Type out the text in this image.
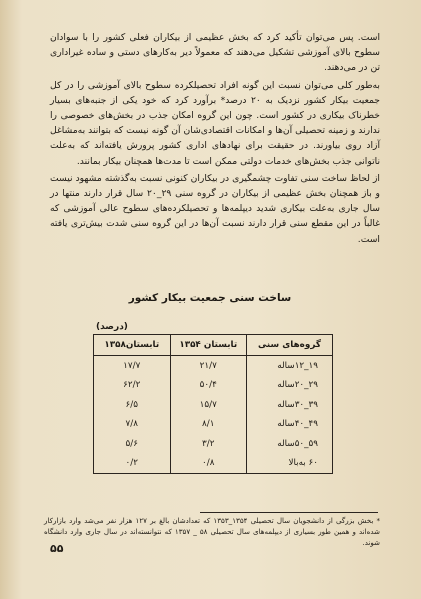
است. پس می‌توان تأکید کرد که بخش عظیمی از بیکاران فعلی کشور را با سوادان سطوح بالای آموزشی تشکیل می‌دهند که معمولاً دیر به‌کارهای دستی و ساده غیراداری تن در می‌دهند.

به‌طور کلی می‌توان نسبت این گونه افراد تحصیلکرده سطوح بالای آموزشی را در کل جمعیت بیکار کشور نزدیک به ۲۰ درصد* برآورد کرد که خود یکی از جنبه‌های بسیار خطرناک بیکاری در کشور است. چون این گروه امکان جذب در بخش‌های خصوصی را ندارند و زمینه تحصیلی آن‌ها و امکانات اقتصادی‌شان آن گونه نیست که بتوانند به‌مشاغل آزاد روی بیاورند. در حقیقت برای نهادهای اداری کشور پرورش یافته‌اند که به‌علت ناتوانی جذب بخش‌های خدمات دولتی ممکن است تا مدت‌ها همچنان بیکار بمانند.

از لحاظ ساخت سنی تفاوت چشمگیری در بیکاران کنونی نسبت به‌گذشته مشهود نیست و باز همچنان بخش عظیمی از بیکاران در گروه سنی ۲۹_۲۰ سال قرار دارند منتها در سال جاری به‌علت بیکاری شدید دیپلمه‌ها و تحصیلکرده‌های سطوح عالی آموزشی که غالباً در این مقطع سنی قرار دارند نسبت آن‌ها در این گروه سنی شدت بیش‌تری یافته است.

ساخت سنی جمعیت بیکار کشور
(درصد)
گروه‌های سنی	تابستان ۱۳۵۴	تابستان۱۳۵۸
۱۹_۱۲ساله	۲۱/۷	۱۷/۷
۲۹_۲۰ساله	۵۰/۴	۶۲/۲
۳۹_۳۰ساله	۱۵/۷	۶/۵
۴۹_۴۰ساله	۸/۱	۷/۸
۵۹_۵۰ساله	۳/۲	۵/۶
۶۰ به‌بالا	۰/۸	۰/۲
* بخش بزرگی از دانشجویان سال تحصیلی ۱۳۵۴_۱۳۵۳ که تعدادشان بالغ بر ۱۲۷ هزار نفر می‌شد وارد بازارکار شده‌اند و همین طور بسیاری از دیپلمه‌های سال تحصیلی ۵۸ _ ۱۳۵۷ که نتوانسته‌اند در سال جاری وارد دانشگاه شوند.
۵۵
